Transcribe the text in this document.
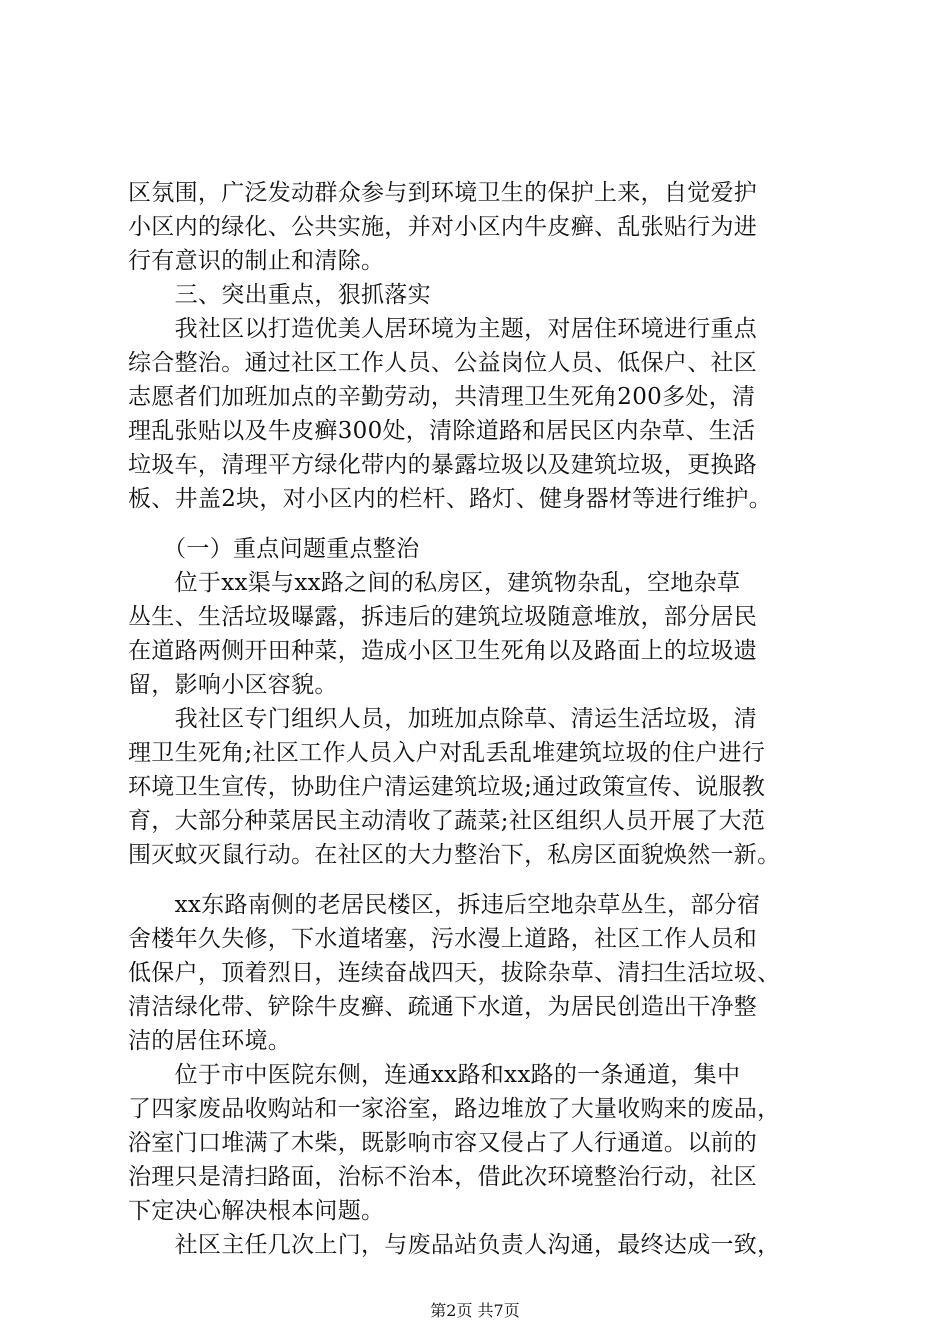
区氛围，广泛发动群众参与到环境卫生的保护上来，自觉爱护
小区内的绿化、公共实施，并对小区内牛皮癣、乱张贴行为进
行有意识的制止和清除。
　　三、突出重点，狠抓落实
　　我社区以打造优美人居环境为主题，对居住环境进行重点
综合整治。通过社区工作人员、公益岗位人员、低保户、社区
志愿者们加班加点的辛勤劳动，共清理卫生死角200多处，清
理乱张贴以及牛皮癣300处，清除道路和居民区内杂草、生活
垃圾车，清理平方绿化带内的暴露垃圾以及建筑垃圾，更换路
板、井盖2块，对小区内的栏杆、路灯、健身器材等进行维护。
　　（一）重点问题重点整治
　　位于xx渠与xx路之间的私房区，建筑物杂乱，空地杂草
丛生、生活垃圾曝露，拆违后的建筑垃圾随意堆放，部分居民
在道路两侧开田种菜，造成小区卫生死角以及路面上的垃圾遗
留，影响小区容貌。
　　我社区专门组织人员，加班加点除草、清运生活垃圾，清
理卫生死角;社区工作人员入户对乱丢乱堆建筑垃圾的住户进行
环境卫生宣传，协助住户清运建筑垃圾;通过政策宣传、说服教
育，大部分种菜居民主动清收了蔬菜;社区组织人员开展了大范
围灭蚊灭鼠行动。在社区的大力整治下，私房区面貌焕然一新。
　　xx东路南侧的老居民楼区，拆违后空地杂草丛生，部分宿
舍楼年久失修，下水道堵塞，污水漫上道路，社区工作人员和
低保户，顶着烈日，连续奋战四天，拔除杂草、清扫生活垃圾、
清洁绿化带、铲除牛皮癣、疏通下水道，为居民创造出干净整
洁的居住环境。
　　位于市中医院东侧，连通xx路和xx路的一条通道，集中
了四家废品收购站和一家浴室，路边堆放了大量收购来的废品，
浴室门口堆满了木柴，既影响市容又侵占了人行通道。以前的
治理只是清扫路面，治标不治本，借此次环境整治行动，社区
下定决心解决根本问题。
　　社区主任几次上门，与废品站负责人沟通，最终达成一致，
第2页 共7页
